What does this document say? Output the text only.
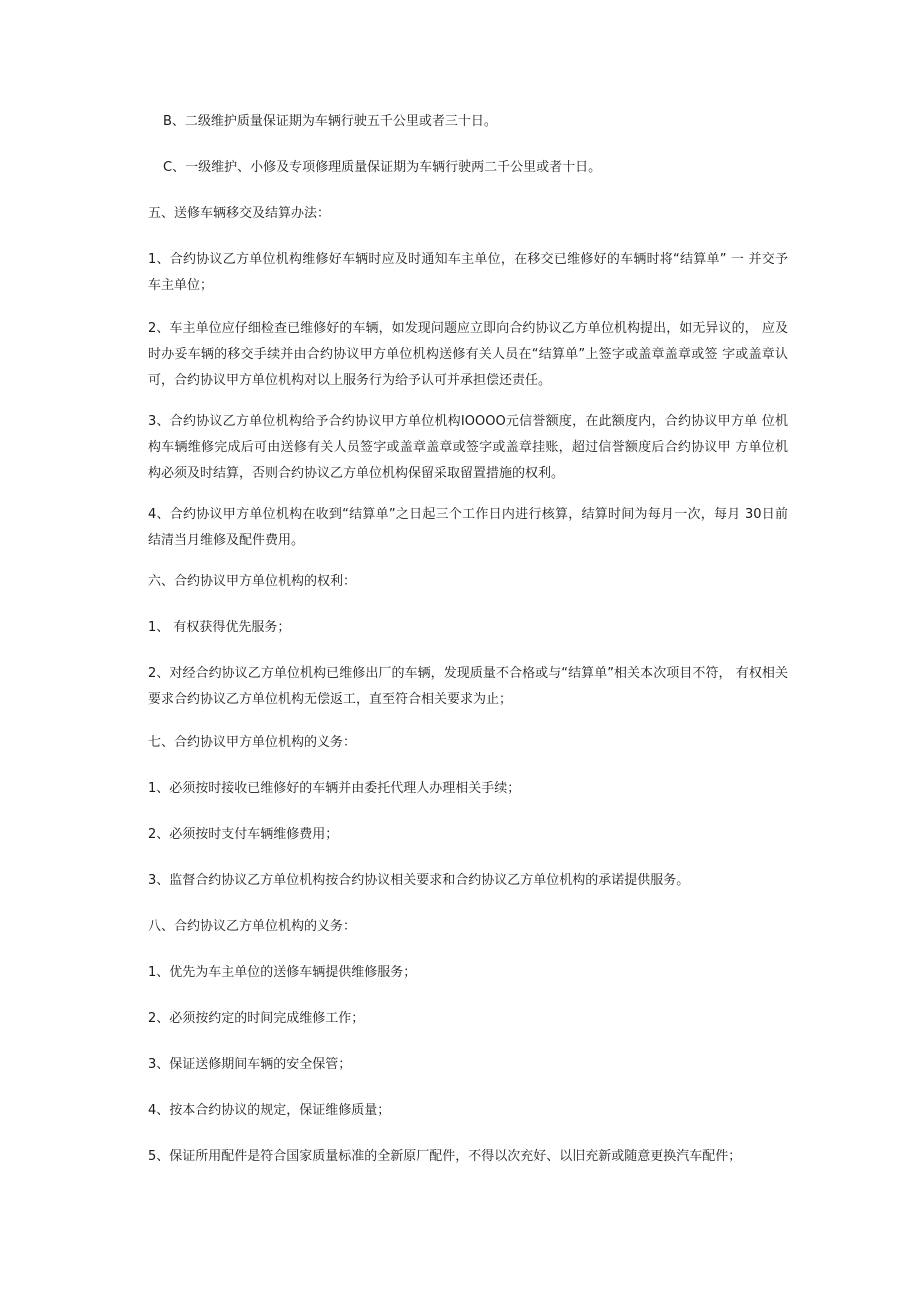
B、二级维护质量保证期为车辆行驶五千公里或者三十日。
C、一级维护、小修及专项修理质量保证期为车辆行驶两二千公里或者十日。
五、送修车辆移交及结算办法：
1、合约协议乙方单位机构维修好车辆时应及时通知车主单位，在移交已维修好的车辆时将“结算单” 一 并交予车主单位；
2、车主单位应仔细检查已维修好的车辆，如发现问题应立即向合约协议乙方单位机构提出，如无异议的， 应及时办妥车辆的移交手续并由合约协议甲方单位机构送修有关人员在“结算单”上签字或盖章盖章或签 字或盖章认可，合约协议甲方单位机构对以上服务行为给予认可并承担偿还责任。
3、合约协议乙方单位机构给予合约协议甲方单位机构IOOOO元信誉额度，在此额度内，合约协议甲方单 位机构车辆维修完成后可由送修有关人员签字或盖章盖章或签字或盖章挂账，超过信誉额度后合约协议甲 方单位机构必须及时结算，否则合约协议乙方单位机构保留采取留置措施的权利。
4、合约协议甲方单位机构在收到“结算单”之日起三个工作日内进行核算，结算时间为每月一次，每月 30日前结清当月维修及配件费用。
六、合约协议甲方单位机构的权利：
1、 有权获得优先服务；
2、对经合约协议乙方单位机构已维修出厂的车辆，发现质量不合格或与“结算单”相关本次项目不符， 有权相关要求合约协议乙方单位机构无偿返工，直至符合相关要求为止；
七、合约协议甲方单位机构的义务：
1、必须按时接收已维修好的车辆并由委托代理人办理相关手续；
2、必须按时支付车辆维修费用；
3、监督合约协议乙方单位机构按合约协议相关要求和合约协议乙方单位机构的承诺提供服务。
八、合约协议乙方单位机构的义务：
1、优先为车主单位的送修车辆提供维修服务；
2、必须按约定的时间完成维修工作；
3、保证送修期间车辆的安全保管；
4、按本合约协议的规定，保证维修质量；
5、保证所用配件是符合国家质量标准的全新原厂配件，不得以次充好、以旧充新或随意更换汽车配件；
